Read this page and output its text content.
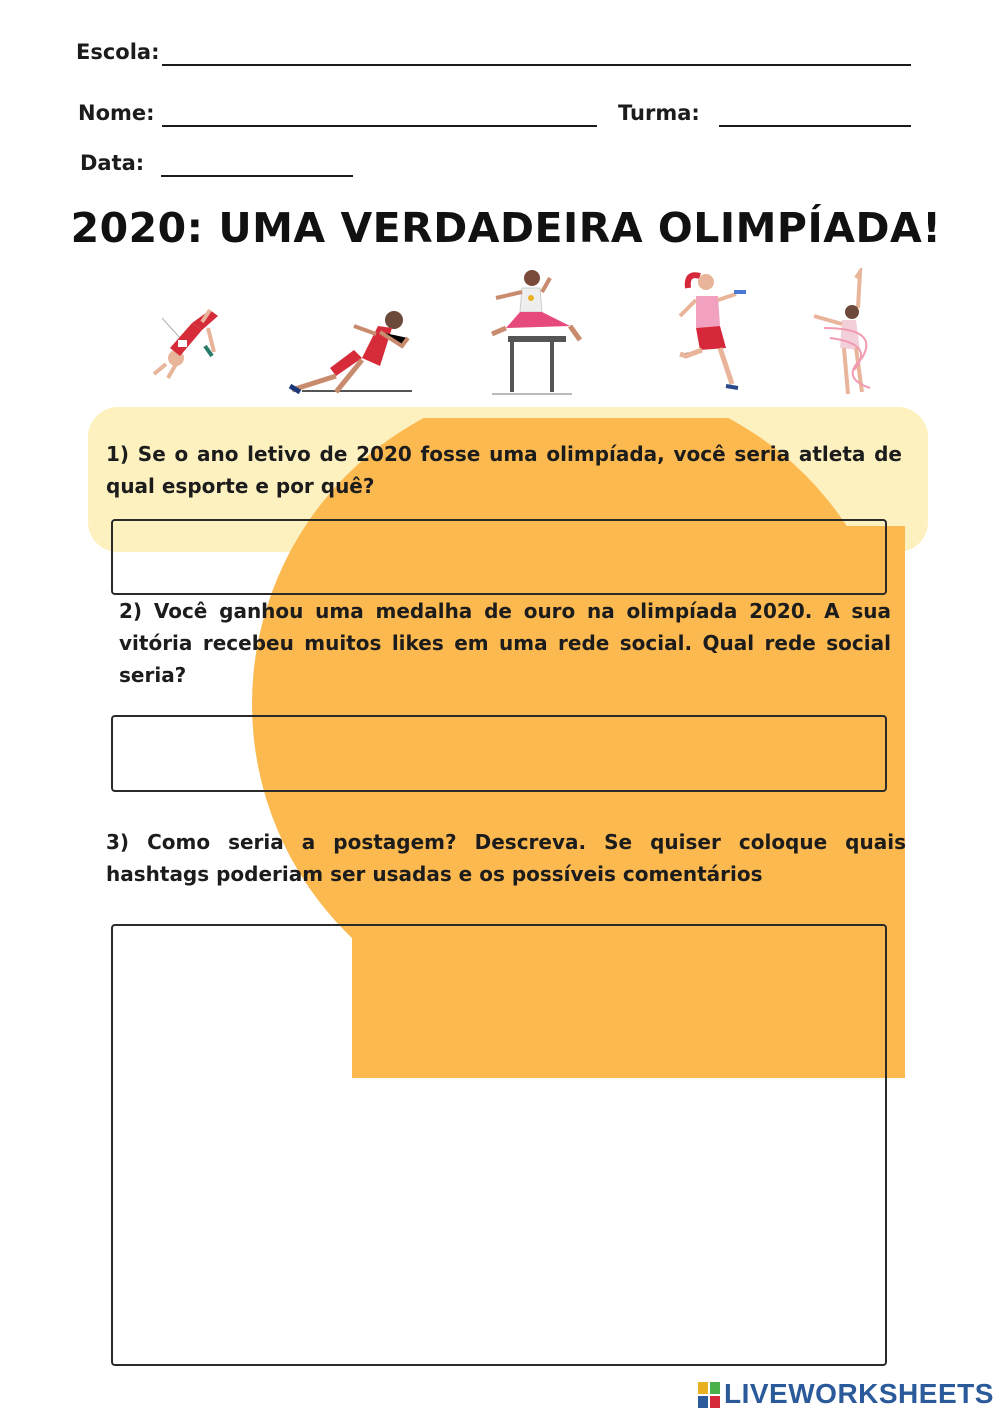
Escola:
Nome:	Turma:
Data:
2020: UMA VERDADEIRA OLIMPÍADA!
1) Se o ano letivo de 2020 fosse uma olimpíada, você seria atleta de qual esporte e por quê?
2) Você ganhou uma medalha de ouro na olimpíada 2020. A sua vitória recebeu muitos likes em uma rede social. Qual rede social seria?
3) Como seria a postagem? Descreva. Se quiser coloque quais hashtags poderiam ser usadas e os possíveis comentários
LIVEWORKSHEETS
